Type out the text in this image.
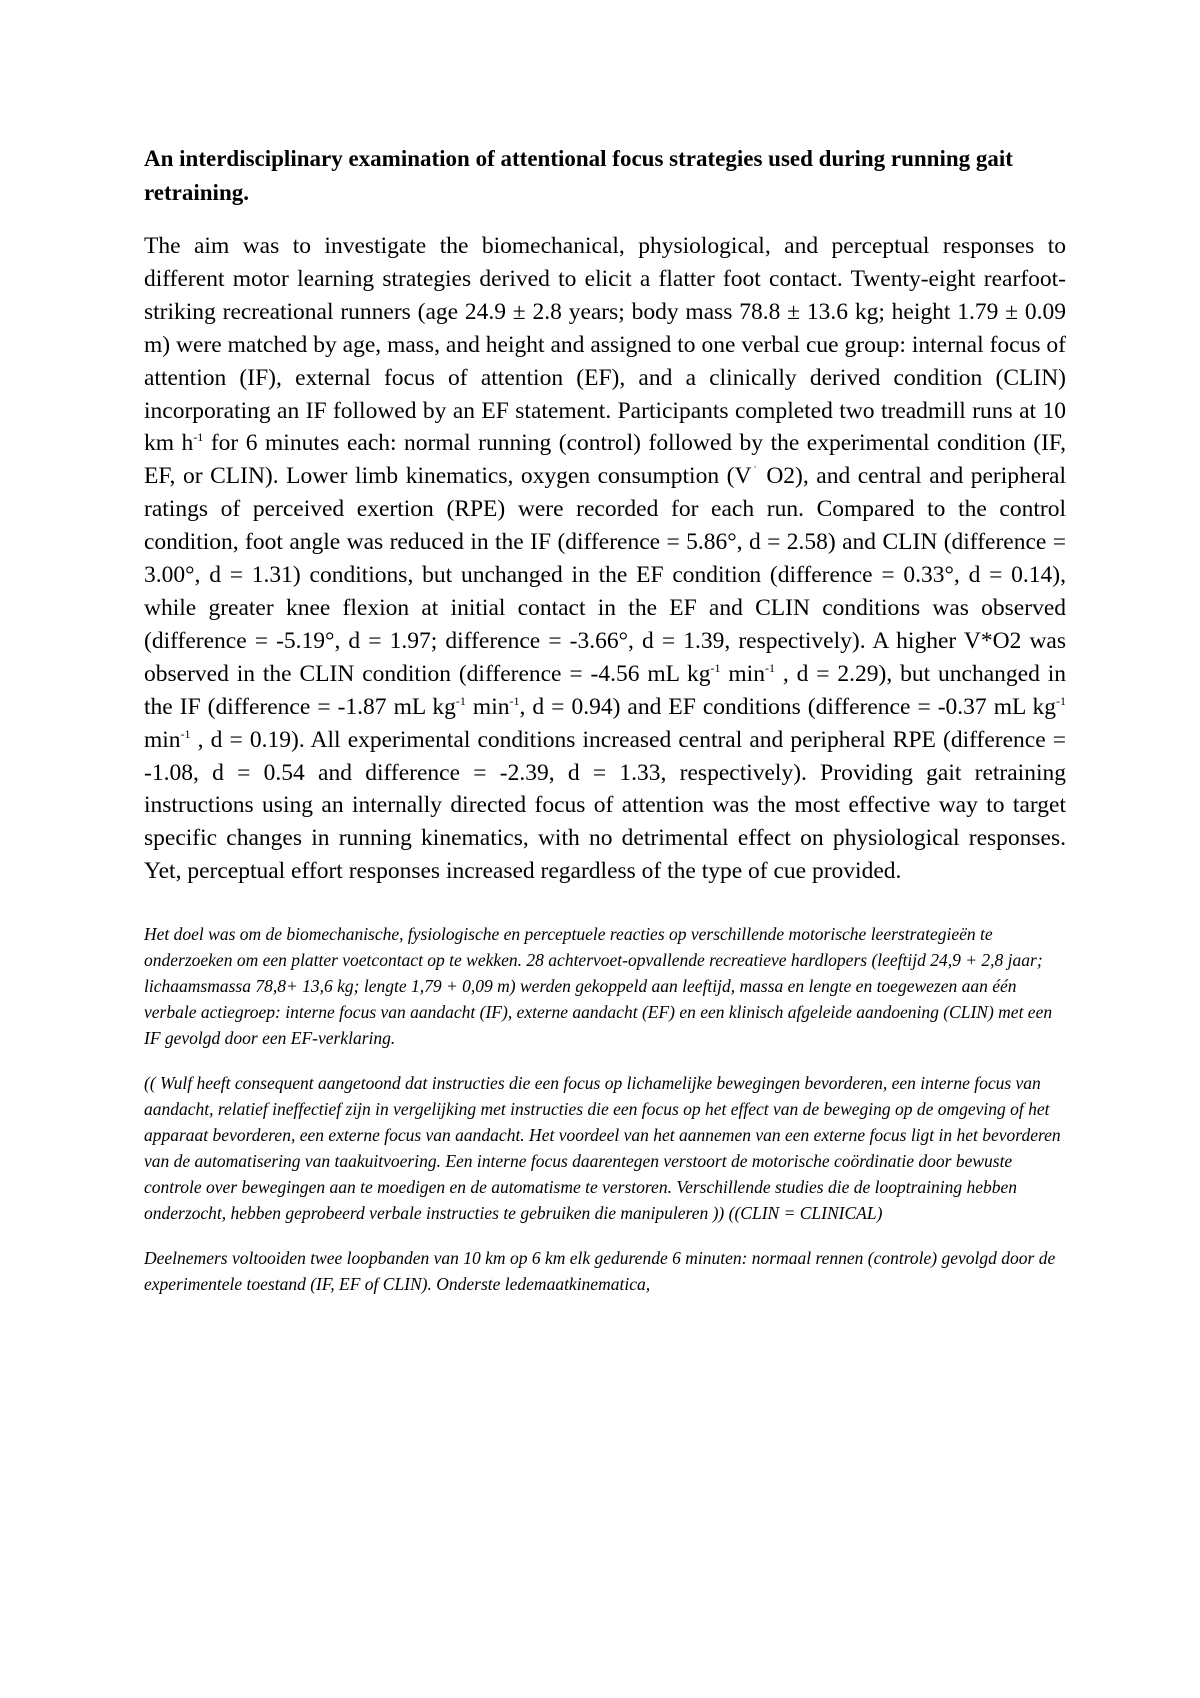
An interdisciplinary examination of attentional focus strategies used during running gait retraining.

The aim was to investigate the biomechanical, physiological, and perceptual responses to different motor learning strategies derived to elicit a flatter foot contact. Twenty-eight rearfoot-striking recreational runners (age 24.9 ± 2.8 years; body mass 78.8 ± 13.6 kg; height 1.79 ± 0.09 m) were matched by age, mass, and height and assigned to one verbal cue group: internal focus of attention (IF), external focus of attention (EF), and a clinically derived condition (CLIN) incorporating an IF followed by an EF statement. Participants completed two treadmill runs at 10 km $h^{-1}$ for 6 minutes each: normal running (control) followed by the experimental condition (IF, EF, or CLIN). Lower limb kinematics, oxygen consumption (V˙ O2), and central and peripheral ratings of perceived exertion (RPE) were recorded for each run. Compared to the control condition, foot angle was reduced in the IF (difference = 5.86°, d = 2.58) and CLIN (difference = 3.00°, d = 1.31) conditions, but unchanged in the EF condition (difference = 0.33°, d = 0.14), while greater knee flexion at initial contact in the EF and CLIN conditions was observed (difference = -5.19°, d = 1.97; difference = -3.66°, d = 1.39, respectively). A higher V*O2 was observed in the CLIN condition (difference = -4.56 mL $kg^{-1}$ $\min^{-1}$ , d = 2.29), but unchanged in the IF (difference = -1.87 mL $kg^{-1}$ $\min^{-1}$, d = 0.94) and EF conditions (difference = -0.37 mL $kg^{-1}$ $\min^{-1}$ , d = 0.19). All experimental conditions increased central and peripheral RPE (difference = -1.08, d = 0.54 and difference = -2.39, d = 1.33, respectively). Providing gait retraining instructions using an internally directed focus of attention was the most effective way to target specific changes in running kinematics, with no detrimental effect on physiological responses. Yet, perceptual effort responses increased regardless of the type of cue provided.

Het doel was om de biomechanische, fysiologische en perceptuele reacties op verschillende motorische leerstrategieën te onderzoeken om een platter voetcontact op te wekken. 28 achtervoet-opvallende recreatieve hardlopers (leeftijd 24,9 + 2,8 jaar; lichaamsmassa 78,8+ 13,6 kg; lengte 1,79 + 0,09 m) werden gekoppeld aan leeftijd, massa en lengte en toegewezen aan één verbale actiegroep: interne focus van aandacht (IF), externe aandacht (EF) en een klinisch afgeleide aandoening (CLIN) met een IF gevolgd door een EF-verklaring.

(( Wulf heeft consequent aangetoond dat instructies die een focus op lichamelijke bewegingen bevorderen, een interne focus van aandacht, relatief ineffectief zijn in vergelijking met instructies die een focus op het effect van de beweging op de omgeving of het apparaat bevorderen, een externe focus van aandacht. Het voordeel van het aannemen van een externe focus ligt in het bevorderen van de automatisering van taakuitvoering. Een interne focus daarentegen verstoort de motorische coördinatie door bewuste controle over bewegingen aan te moedigen en de automatisme te verstoren. Verschillende studies die de looptraining hebben onderzocht, hebben geprobeerd verbale instructies te gebruiken die manipuleren )) ((CLIN = CLINICAL)

Deelnemers voltooiden twee loopbanden van 10 km op 6 km elk gedurende 6 minuten: normaal rennen (controle) gevolgd door de experimentele toestand (IF, EF of CLIN). Onderste ledemaatkinematica,
